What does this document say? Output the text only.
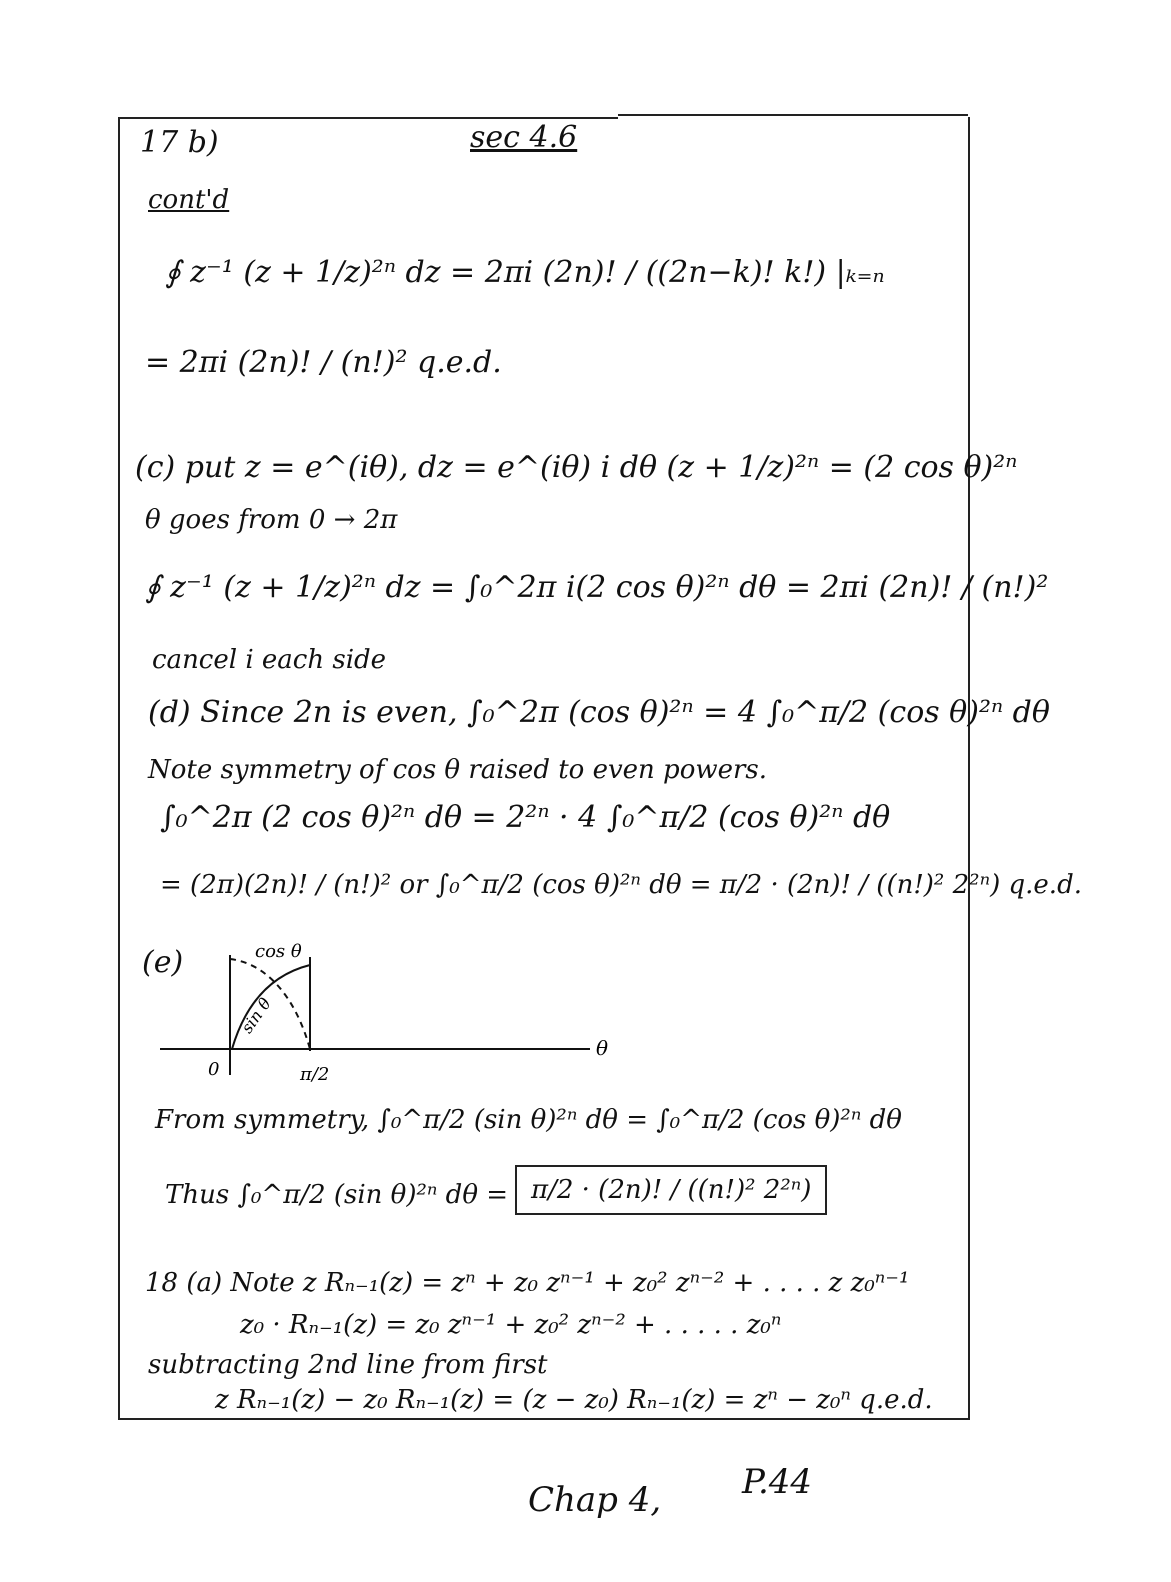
17 b)	sec 4.6
cont'd
∮ z⁻¹ (z + 1/z)²ⁿ dz = 2πi (2n)! / ((2n−k)! k!) |ₖ₌ₙ
= 2πi (2n)! / (n!)² q.e.d.
(c) put z = e^(iθ), dz = e^(iθ) i dθ (z + 1/z)²ⁿ = (2 cos θ)²ⁿ
θ goes from 0 → 2π
∮ z⁻¹ (z + 1/z)²ⁿ dz = ∫₀^2π i(2 cos θ)²ⁿ dθ = 2πi (2n)! / (n!)²
cancel i each side
(d) Since 2n is even, ∫₀^2π (cos θ)²ⁿ = 4 ∫₀^π/2 (cos θ)²ⁿ dθ
Note symmetry of cos θ raised to even powers.
∫₀^2π (2 cos θ)²ⁿ dθ = 2²ⁿ · 4 ∫₀^π/2 (cos θ)²ⁿ dθ
= (2π)(2n)! / (n!)² or ∫₀^π/2 (cos θ)²ⁿ dθ = π/2 · (2n)! / ((n!)² 2²ⁿ) q.e.d.
(e)	cos θ
sin θ
0	π/2
θ
From symmetry, ∫₀^π/2 (sin θ)²ⁿ dθ = ∫₀^π/2 (cos θ)²ⁿ dθ
Thus ∫₀^π/2 (sin θ)²ⁿ dθ = π/2 · (2n)! / ((n!)² 2²ⁿ)
18 (a) Note z Rₙ₋₁(z) = zⁿ + z₀ zⁿ⁻¹ + z₀² zⁿ⁻² + . . . . z z₀ⁿ⁻¹
z₀ · Rₙ₋₁(z) = z₀ zⁿ⁻¹ + z₀² zⁿ⁻² + . . . . . z₀ⁿ
subtracting 2nd line from first
z Rₙ₋₁(z) − z₀ Rₙ₋₁(z) = (z − z₀) Rₙ₋₁(z) = zⁿ − z₀ⁿ q.e.d.
Chap 4, P.44
